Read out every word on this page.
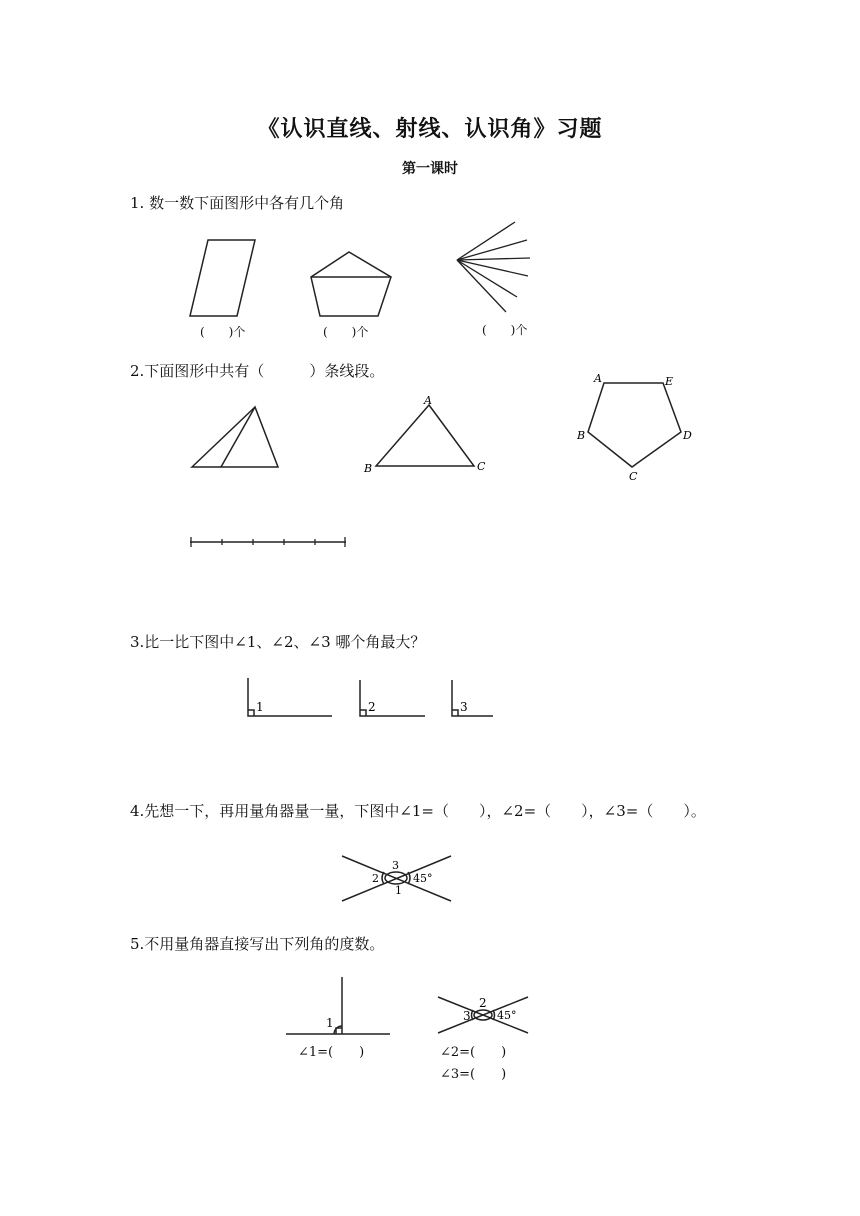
《认识直线、射线、认识角》习题
第一课时
1. 数一数下面图形中各有几个角
(　　)个	(　　)个	(　　)个
2.下面图形中共有（　　　）条线段。
A
B	C
A	E
B	D
C
3.比一比下图中∠1、∠2、∠3 哪个角最大？
1	2	3
4.先想一下，再用量角器量一量，下图中∠1=（　　），∠2=（　　），∠3=（　　）。
3
2	45°
1
5.不用量角器直接写出下列角的度数。
1
∠1=(　　)
2
3 45°
∠2=(　　)
∠3=(　　)
